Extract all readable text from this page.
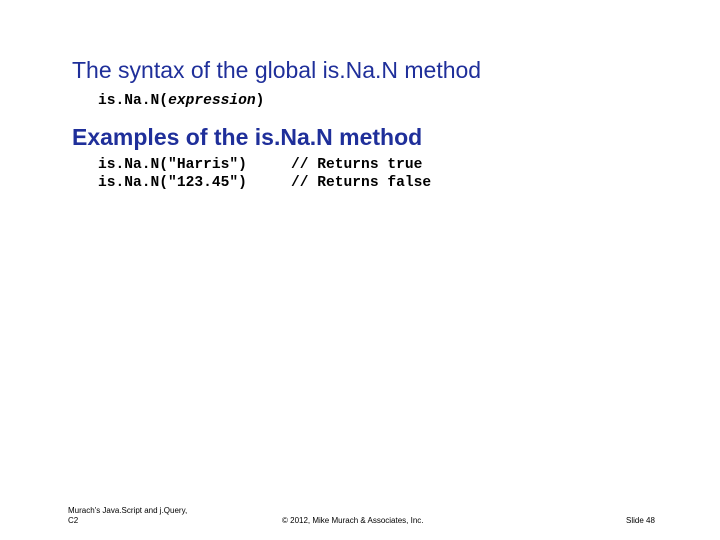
The syntax of the global is.Na.N method
is.Na.N(expression)
Examples of the is.Na.N method
is.Na.N("Harris")	// Returns true
is.Na.N("123.45")	// Returns false
Murach's Java.Script and j.Query,
C2	© 2012, Mike Murach & Associates, Inc.	Slide 48
